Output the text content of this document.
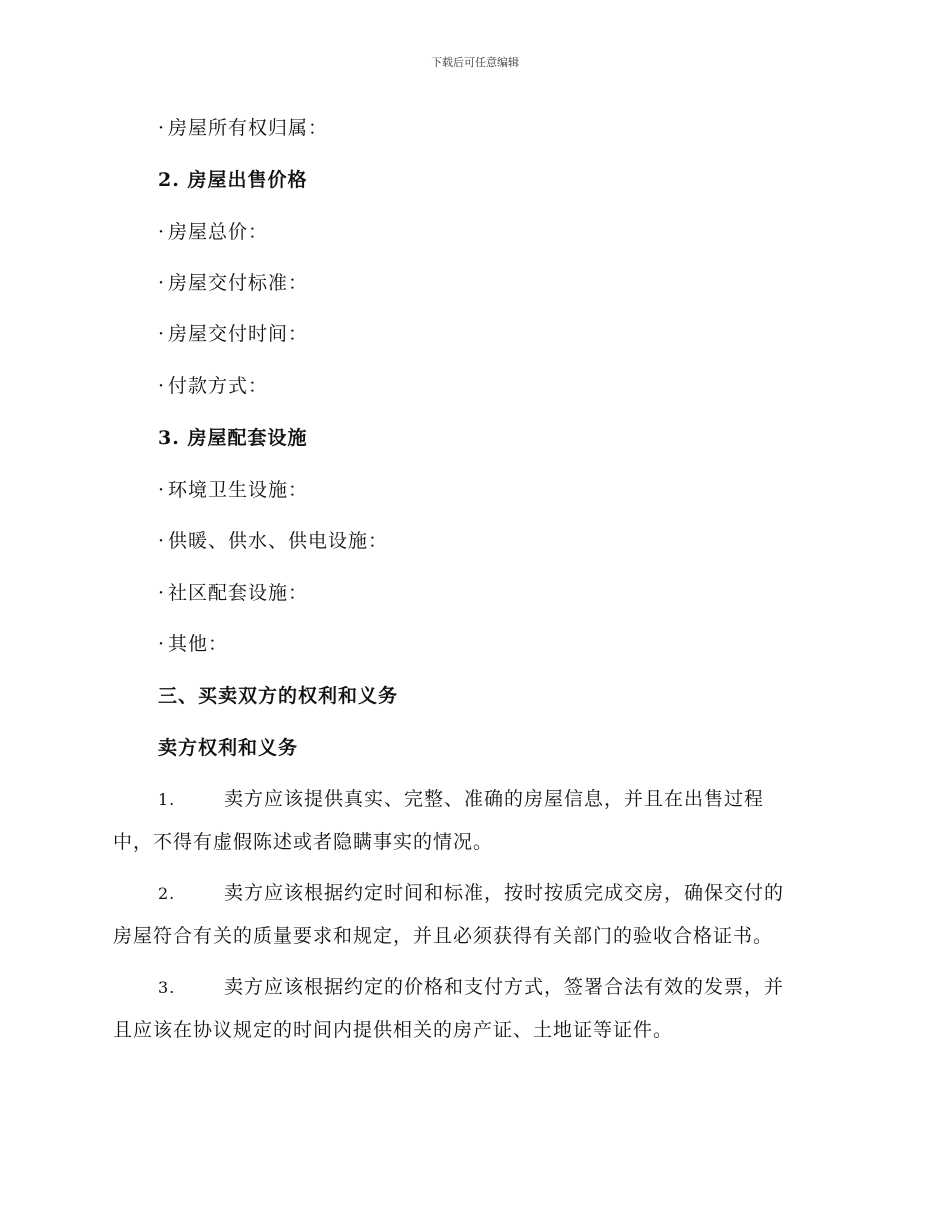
下载后可任意编辑
· 房屋所有权归属：
2. 房屋出售价格
· 房屋总价：
· 房屋交付标准：
· 房屋交付时间：
· 付款方式：
3. 房屋配套设施
· 环境卫生设施：
· 供暖、供水、供电设施：
· 社区配套设施：
· 其他：
三、买卖双方的权利和义务
卖方权利和义务
1.	卖方应该提供真实、完整、准确的房屋信息，并且在出售过程
中，不得有虚假陈述或者隐瞒事实的情况。
2.	卖方应该根据约定时间和标准，按时按质完成交房，确保交付的
房屋符合有关的质量要求和规定，并且必须获得有关部门的验收合格证书。
3.	卖方应该根据约定的价格和支付方式，签署合法有效的发票，并
且应该在协议规定的时间内提供相关的房产证、土地证等证件。
